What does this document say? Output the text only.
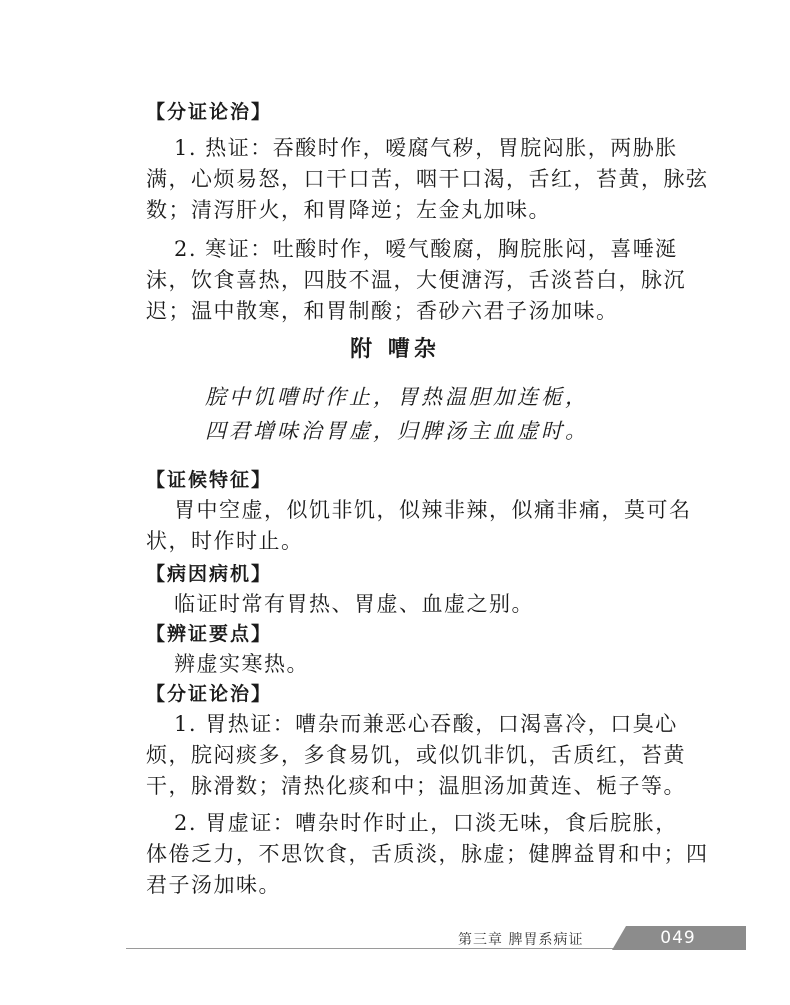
【分证论治】
1. 热证：吞酸时作，嗳腐气秽，胃脘闷胀，两胁胀
满，心烦易怒，口干口苦，咽干口渴，舌红，苔黄，脉弦
数；清泻肝火，和胃降逆；左金丸加味。
2. 寒证：吐酸时作，嗳气酸腐，胸脘胀闷，喜唾涎
沫，饮食喜热，四肢不温，大便溏泻，舌淡苔白，脉沉
迟；温中散寒，和胃制酸；香砂六君子汤加味。
附 嘈杂
脘中饥嘈时作止，胃热温胆加连栀，
四君增味治胃虚，归脾汤主血虚时。
【证候特征】
胃中空虚，似饥非饥，似辣非辣，似痛非痛，莫可名
状，时作时止。
【病因病机】
临证时常有胃热、胃虚、血虚之别。
【辨证要点】
辨虚实寒热。
【分证论治】
1. 胃热证：嘈杂而兼恶心吞酸，口渴喜冷，口臭心
烦，脘闷痰多，多食易饥，或似饥非饥，舌质红，苔黄
干，脉滑数；清热化痰和中；温胆汤加黄连、栀子等。
2. 胃虚证：嘈杂时作时止，口淡无味，食后脘胀，
体倦乏力，不思饮食，舌质淡，脉虚；健脾益胃和中；四
君子汤加味。
第三章 脾胃系病证	049
